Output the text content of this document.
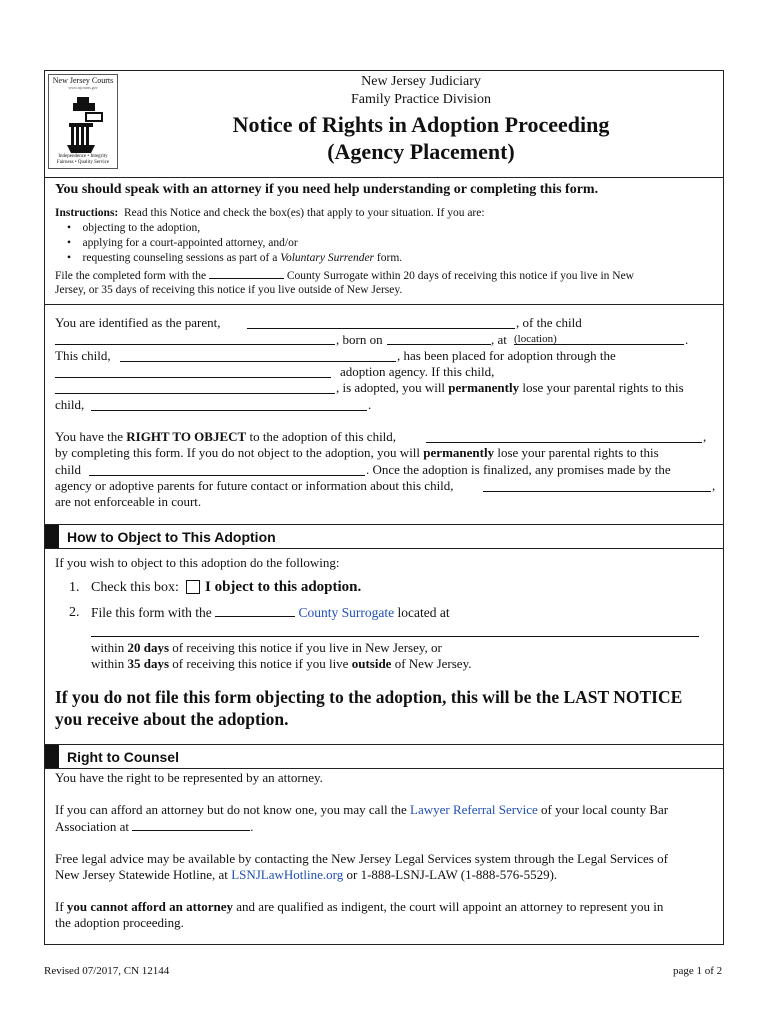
New Jersey Courts
www.njcourts.gov
Independence • Integrity
Fairness • Quality Service
New Jersey Judiciary
Family Practice Division
Notice of Rights in Adoption Proceeding
(Agency Placement)
You should speak with an attorney if you need help understanding or completing this form.
Instructions: Read this Notice and check the box(es) that apply to your situation. If you are:
•    objecting to the adoption,
•    applying for a court-appointed attorney, and/or
•    requesting counseling sessions as part of a Voluntary Surrender form.
File the completed form with the	County Surrogate within 20 days of receiving this notice if you live in New
Jersey, or 35 days of receiving this notice if you live outside of New Jersey.
You are identified as the parent,	, of the child
, born on	, at (location)	.
This child,	, has been placed for adoption through the
adoption agency. If this child,
, is adopted, you will permanently lose your parental rights to this
child,	.
You have the RIGHT TO OBJECT to the adoption of this child,	,
by completing this form. If you do not object to the adoption, you will permanently lose your parental rights to this
child	. Once the adoption is finalized, any promises made by the
agency or adoptive parents for future contact or information about this child,	,
are not enforceable in court.
How to Object to This Adoption
If you wish to object to this adoption do the following:
1. Check this box: I object to this adoption.
2. File this form with the	County Surrogate located at
within 20 days of receiving this notice if you live in New Jersey, or
within 35 days of receiving this notice if you live outside of New Jersey.
If you do not file this form objecting to the adoption, this will be the LAST NOTICE
you receive about the adoption.
Right to Counsel
You have the right to be represented by an attorney.
If you can afford an attorney but do not know one, you may call the Lawyer Referral Service of your local county Bar
Association at	.
Free legal advice may be available by contacting the New Jersey Legal Services system through the Legal Services of
New Jersey Statewide Hotline, at LSNJLawHotline.org or 1-888-LSNJ-LAW (1-888-576-5529).
If you cannot afford an attorney and are qualified as indigent, the court will appoint an attorney to represent you in
the adoption proceeding.
Revised 07/2017, CN 12144	page 1 of 2
